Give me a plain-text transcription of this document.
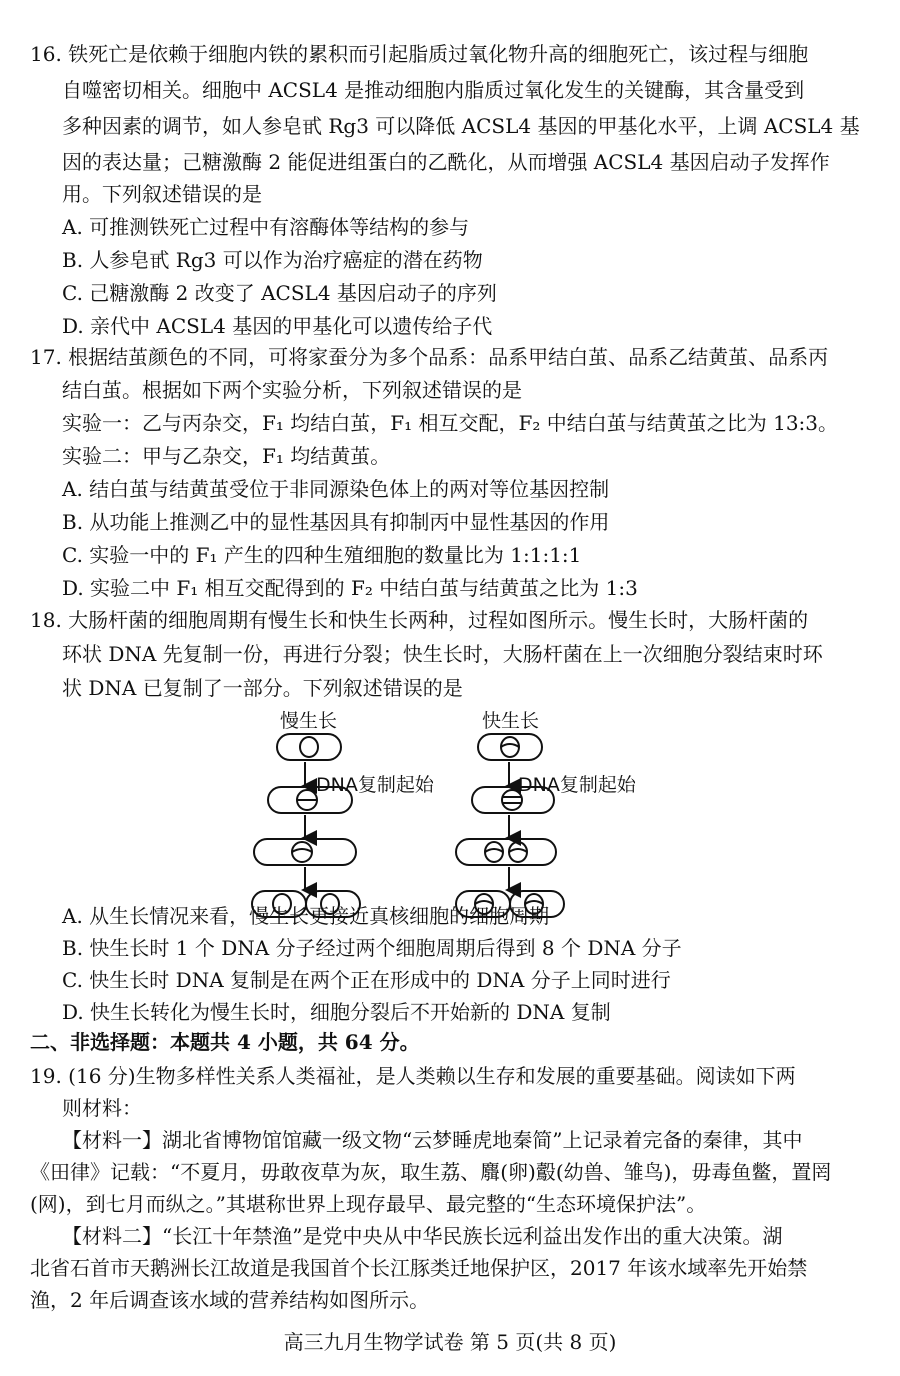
16. 铁死亡是依赖于细胞内铁的累积而引起脂质过氧化物升高的细胞死亡，该过程与细胞
自噬密切相关。细胞中 ACSL4 是推动细胞内脂质过氧化发生的关键酶，其含量受到
多种因素的调节，如人参皂甙 Rg3 可以降低 ACSL4 基因的甲基化水平，上调 ACSL4 基
因的表达量；己糖激酶 2 能促进组蛋白的乙酰化，从而增强 ACSL4 基因启动子发挥作
用。下列叙述错误的是
A. 可推测铁死亡过程中有溶酶体等结构的参与
B. 人参皂甙 Rg3 可以作为治疗癌症的潜在药物
C. 己糖激酶 2 改变了 ACSL4 基因启动子的序列
D. 亲代中 ACSL4 基因的甲基化可以遗传给子代
17. 根据结茧颜色的不同，可将家蚕分为多个品系：品系甲结白茧、品系乙结黄茧、品系丙
结白茧。根据如下两个实验分析，下列叙述错误的是
实验一：乙与丙杂交，F₁ 均结白茧，F₁ 相互交配，F₂ 中结白茧与结黄茧之比为 13:3。
实验二：甲与乙杂交，F₁ 均结黄茧。
A. 结白茧与结黄茧受位于非同源染色体上的两对等位基因控制
B. 从功能上推测乙中的显性基因具有抑制丙中显性基因的作用
C. 实验一中的 F₁ 产生的四种生殖细胞的数量比为 1:1:1:1
D. 实验二中 F₁ 相互交配得到的 F₂ 中结白茧与结黄茧之比为 1:3
18. 大肠杆菌的细胞周期有慢生长和快生长两种，过程如图所示。慢生长时，大肠杆菌的
环状 DNA 先复制一份，再进行分裂；快生长时，大肠杆菌在上一次细胞分裂结束时环
状 DNA 已复制了一部分。下列叙述错误的是
慢生长	快生长
DNA复制起始	DNA复制起始
A. 从生长情况来看，慢生长更接近真核细胞的细胞周期
B. 快生长时 1 个 DNA 分子经过两个细胞周期后得到 8 个 DNA 分子
C. 快生长时 DNA 复制是在两个正在形成中的 DNA 分子上同时进行
D. 快生长转化为慢生长时，细胞分裂后不开始新的 DNA 复制
二、非选择题：本题共 4 小题，共 64 分。
19. (16 分)生物多样性关系人类福祉，是人类赖以生存和发展的重要基础。阅读如下两
则材料：
【材料一】湖北省博物馆馆藏一级文物“云梦睡虎地秦简”上记录着完备的秦律，其中
《田律》记载：“不夏月，毋敢夜草为灰，取生荔、麛(卵)鷇(幼兽、雏鸟)，毋毒鱼鳖，置罔
(网)，到七月而纵之。”其堪称世界上现存最早、最完整的“生态环境保护法”。
【材料二】“长江十年禁渔”是党中央从中华民族长远利益出发作出的重大决策。湖
北省石首市天鹅洲长江故道是我国首个长江豚类迁地保护区，2017 年该水域率先开始禁
渔，2 年后调查该水域的营养结构如图所示。
高三九月生物学试卷 第 5 页(共 8 页)
